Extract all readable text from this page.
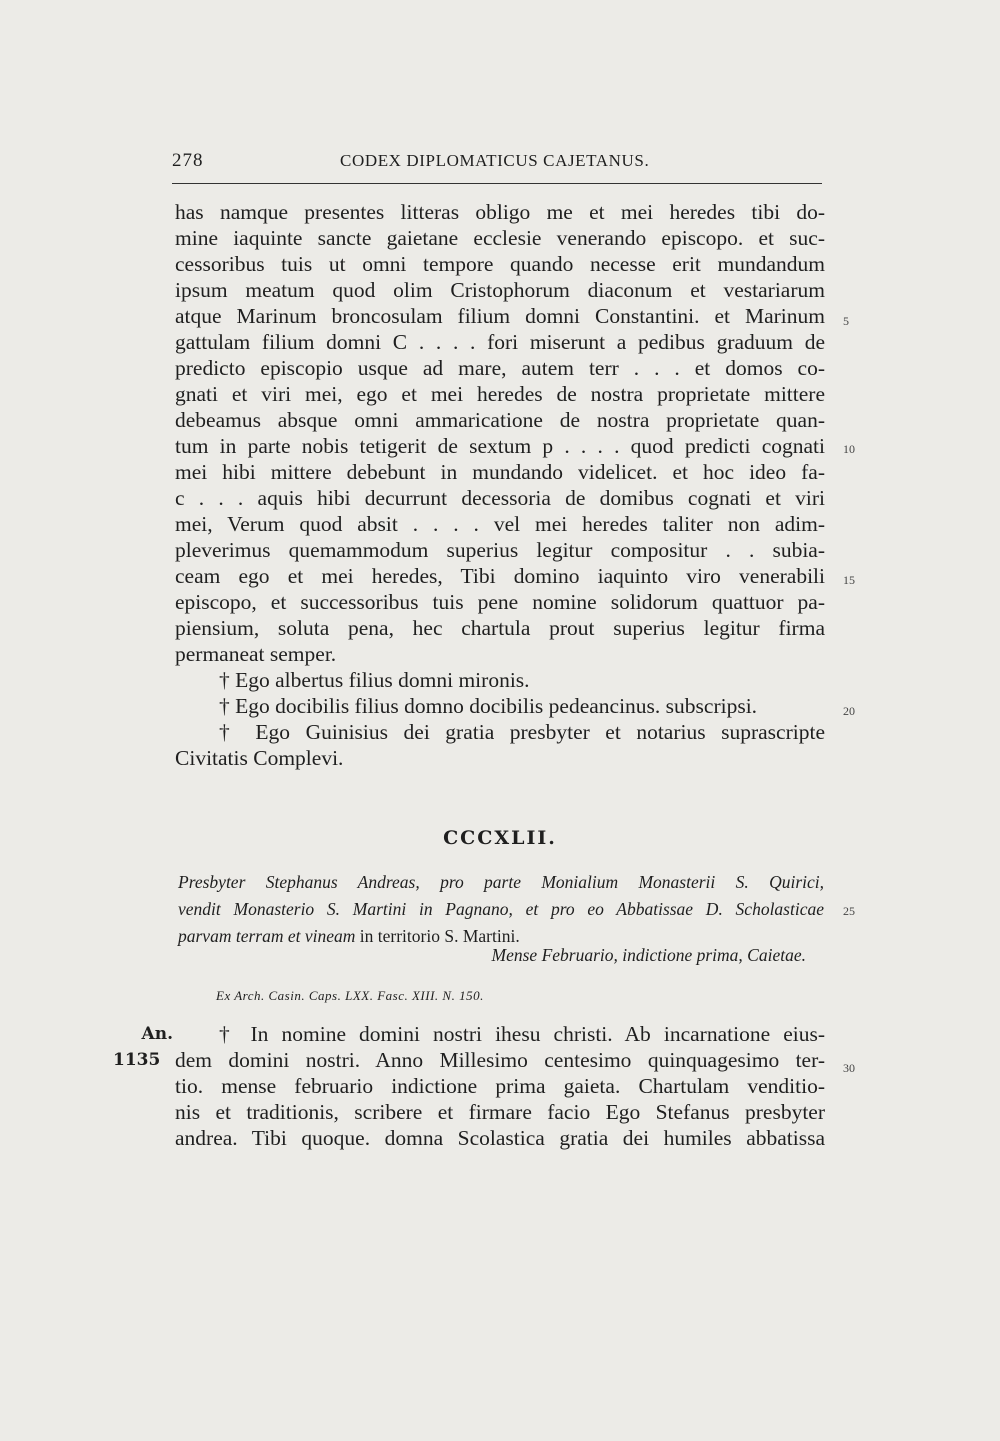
278	CODEX DIPLOMATICUS CAJETANUS.
has namque presentes litteras obligo me et mei heredes tibi do-
mine iaquinte sancte gaietane ecclesie venerando episcopo. et suc-
cessoribus tuis ut omni tempore quando necesse erit mundandum
ipsum meatum quod olim Cristophorum diaconum et vestariarum
atque Marinum broncosulam filium domni Constantini. et Marinum
gattulam filium domni C . . . . fori miserunt a pedibus graduum de
predicto episcopio usque ad mare, autem terr . . . et domos co-
gnati et viri mei, ego et mei heredes de nostra proprietate mittere
debeamus absque omni ammaricatione de nostra proprietate quan-
tum in parte nobis tetigerit de sextum p . . . . quod predicti cognati
mei hibi mittere debebunt in mundando videlicet. et hoc ideo fa-
c . . . aquis hibi decurrunt decessoria de domibus cognati et viri
mei, Verum quod absit . . . . vel mei heredes taliter non adim-
pleverimus quemammodum superius legitur compositur . . subia-
ceam ego et mei heredes, Tibi domino iaquinto viro venerabili
episcopo, et successoribus tuis pene nomine solidorum quattuor pa-
piensium, soluta pena, hec chartula prout superius legitur firma
permaneat semper.
† Ego albertus filius domni mironis.
† Ego docibilis filius domno docibilis pedeancinus. subscripsi.
† Ego Guinisius dei gratia presbyter et notarius suprascripte
Civitatis Complevi.
5
10
15
20
CCCXLII.
Presbyter Stephanus Andreas, pro parte Monialium Monasterii S. Quirici,
vendit Monasterio S. Martini in Pagnano, et pro eo Abbatissae D. Scholasticae
parvam terram et vineam in territorio S. Martini.
25
Mense Februario, indictione prima, Caietae.
Ex Arch. Casin. Caps. LXX. Fasc. XIII. N. 150.
An.
1135
† In nomine domini nostri ihesu christi. Ab incarnatione eius-
dem domini nostri. Anno Millesimo centesimo quinquagesimo ter-
tio. mense februario indictione prima gaieta. Chartulam venditio-
nis et traditionis, scribere et firmare facio Ego Stefanus presbyter
andrea. Tibi quoque. domna Scolastica gratia dei humiles abbatissa
30
